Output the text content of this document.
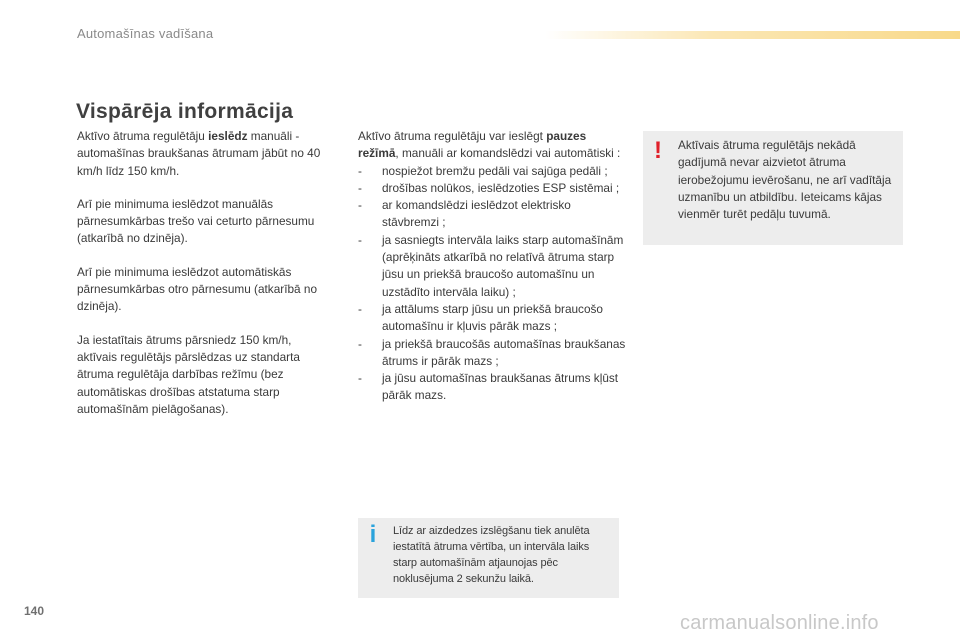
Automašīnas vadīšana
Vispārēja informācija

Aktīvo ātruma regulētāju ieslēdz manuāli - automašīnas braukšanas ātrumam jābūt no 40 km/h līdz 150 km/h.

Arī pie minimuma ieslēdzot manuālās pārnesumkārbas trešo vai ceturto pārnesumu (atkarībā no dzinēja).

Arī pie minimuma ieslēdzot automātiskās pārnesumkārbas otro pārnesumu (atkarībā no dzinēja).

Ja iestatītais ātrums pārsniedz 150 km/h, aktīvais regulētājs pārslēdzas uz standarta ātruma regulētāja darbības režīmu (bez automātiskas drošības atstatuma starp automašīnām pielāgošanas).

Aktīvo ātruma regulētāju var ieslēgt pauzes režīmā, manuāli ar komandslēdzi vai automātiski :

- nospiežot bremžu pedāli vai sajūga pedāli ;
- drošības nolūkos, ieslēdzoties ESP sistēmai ;
- ar komandslēdzi ieslēdzot elektrisko stāvbremzi ;
- ja sasniegts intervāla laiks starp automašīnām (aprēķināts atkarībā no relatīvā ātruma starp jūsu un priekšā braucošo automašīnu un uzstādīto intervāla laiku) ;
- ja attālums starp jūsu un priekšā braucošo automašīnu ir kļuvis pārāk mazs ;
- ja priekšā braucošās automašīnas braukšanas ātrums ir pārāk mazs ;
- ja jūsu automašīnas braukšanas ātrums kļūst pārāk mazs.
!	Aktīvais ātruma regulētājs nekādā gadījumā nevar aizvietot ātruma ierobežojumu ievērošanu, ne arī vadītāja uzmanību un atbildību. Ieteicams kājas vienmēr turēt pedāļu tuvumā.
i	Līdz ar aizdedzes izslēgšanu tiek anulēta iestatītā ātruma vērtība, un intervāla laiks starp automašīnām atjaunojas pēc noklusējuma 2 sekunžu laikā.
140
carmanualsonline.info
